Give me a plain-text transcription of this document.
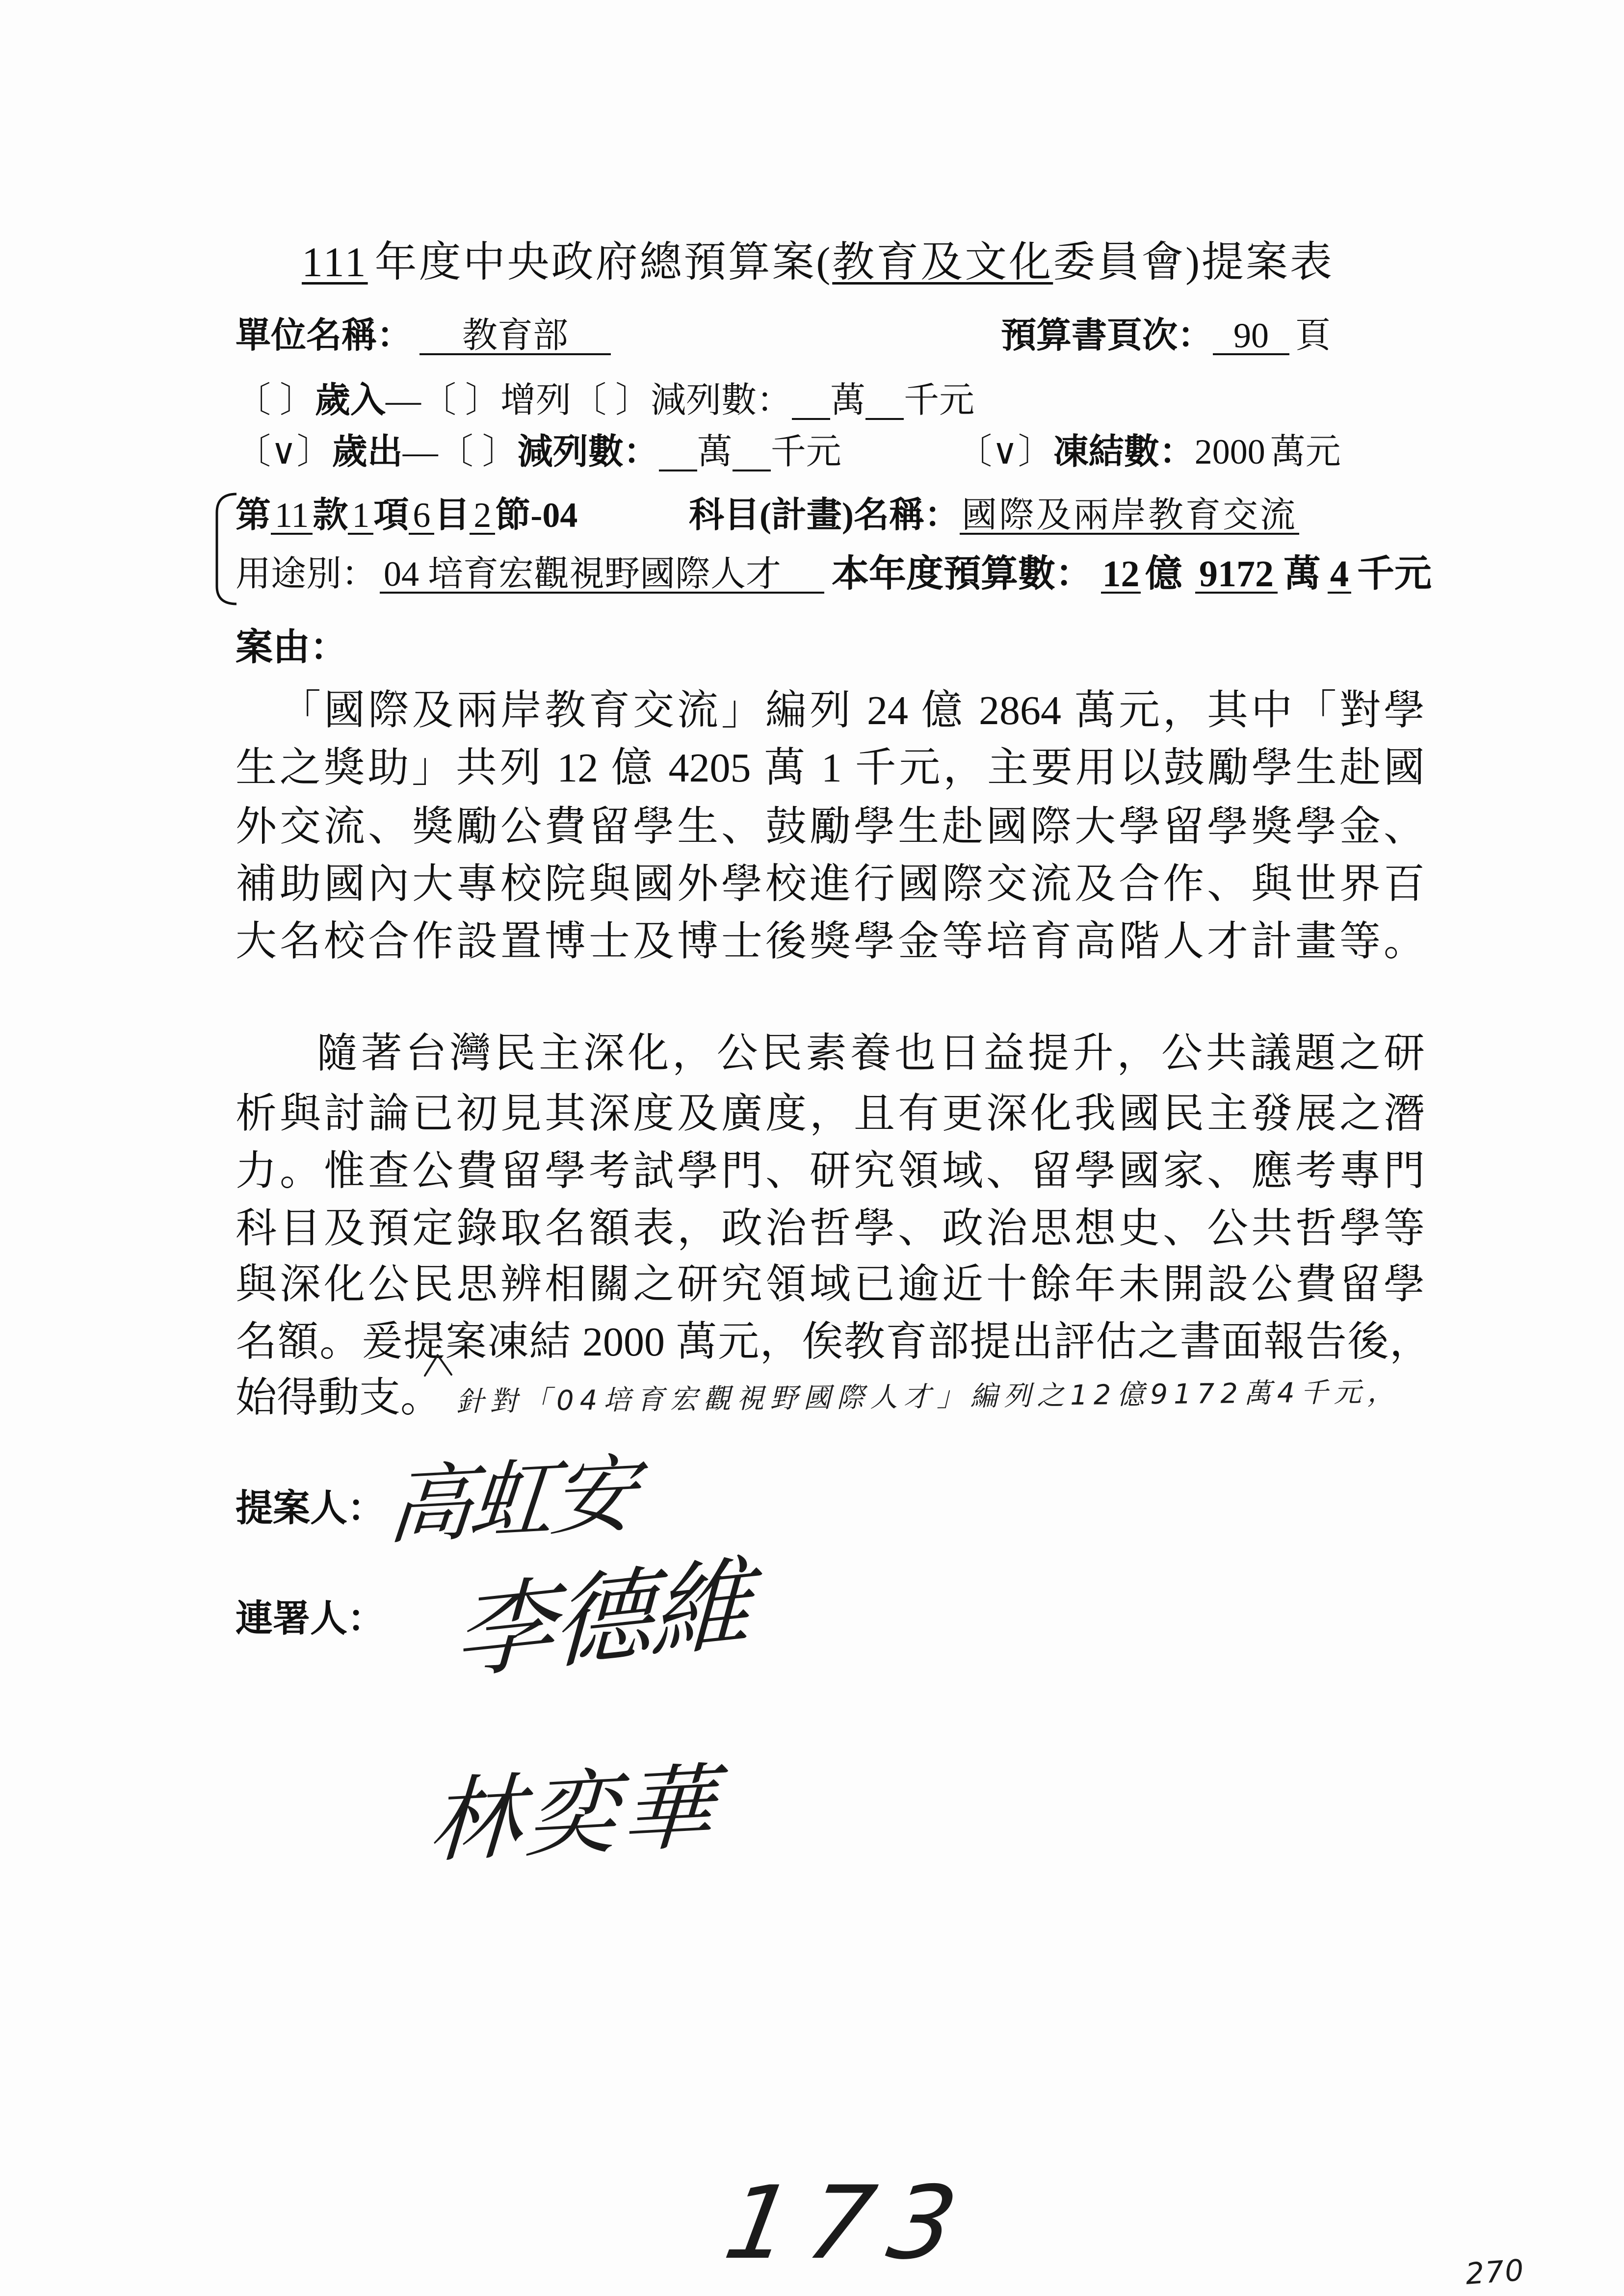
111 年度中央政府總預算案(教育及文化委員會)提案表
單位名稱：	教育部	預算書頁次： 90 頁
〔 〕 歲入 — 〔 〕 增列 〔 〕 減列數： 萬 千元
〔∨〕 歲出 — 〔 〕 減列數： 萬 千元	〔∨〕 凍結數： 2000 萬元
第 11 款 1 項 6 目 2 節-04	科目(計畫)名稱： 國際及兩岸教育交流
用途別： 04 培育宏觀視野國際人才	本年度預算數： 12 億 9172 萬 4 千元
案由：
「國際及兩岸教育交流」編列 24 億 2864 萬元，其中「對學
生之獎助」共列 12 億 4205 萬 1 千元，主要用以鼓勵學生赴國
外交流、獎勵公費留學生、鼓勵學生赴國際大學留學獎學金、
補助國內大專校院與國外學校進行國際交流及合作、與世界百
大名校合作設置博士及博士後獎學金等培育高階人才計畫等。
隨著台灣民主深化，公民素養也日益提升，公共議題之研
析與討論已初見其深度及廣度，且有更深化我國民主發展之潛
力。惟查公費留學考試學門、研究領域、留學國家、應考專門
科目及預定錄取名額表，政治哲學、政治思想史、公共哲學等
與深化公民思辨相關之研究領域已逾近十餘年未開設公費留學
名額。爰提案凍結 2000 萬元，俟教育部提出評估之書面報告後，
始得動支。 針對「04培育宏觀視野國際人才」編列之12億9172萬4千元，
提案人： 高虹安
連署人： 李德維
林奕華
173	270
